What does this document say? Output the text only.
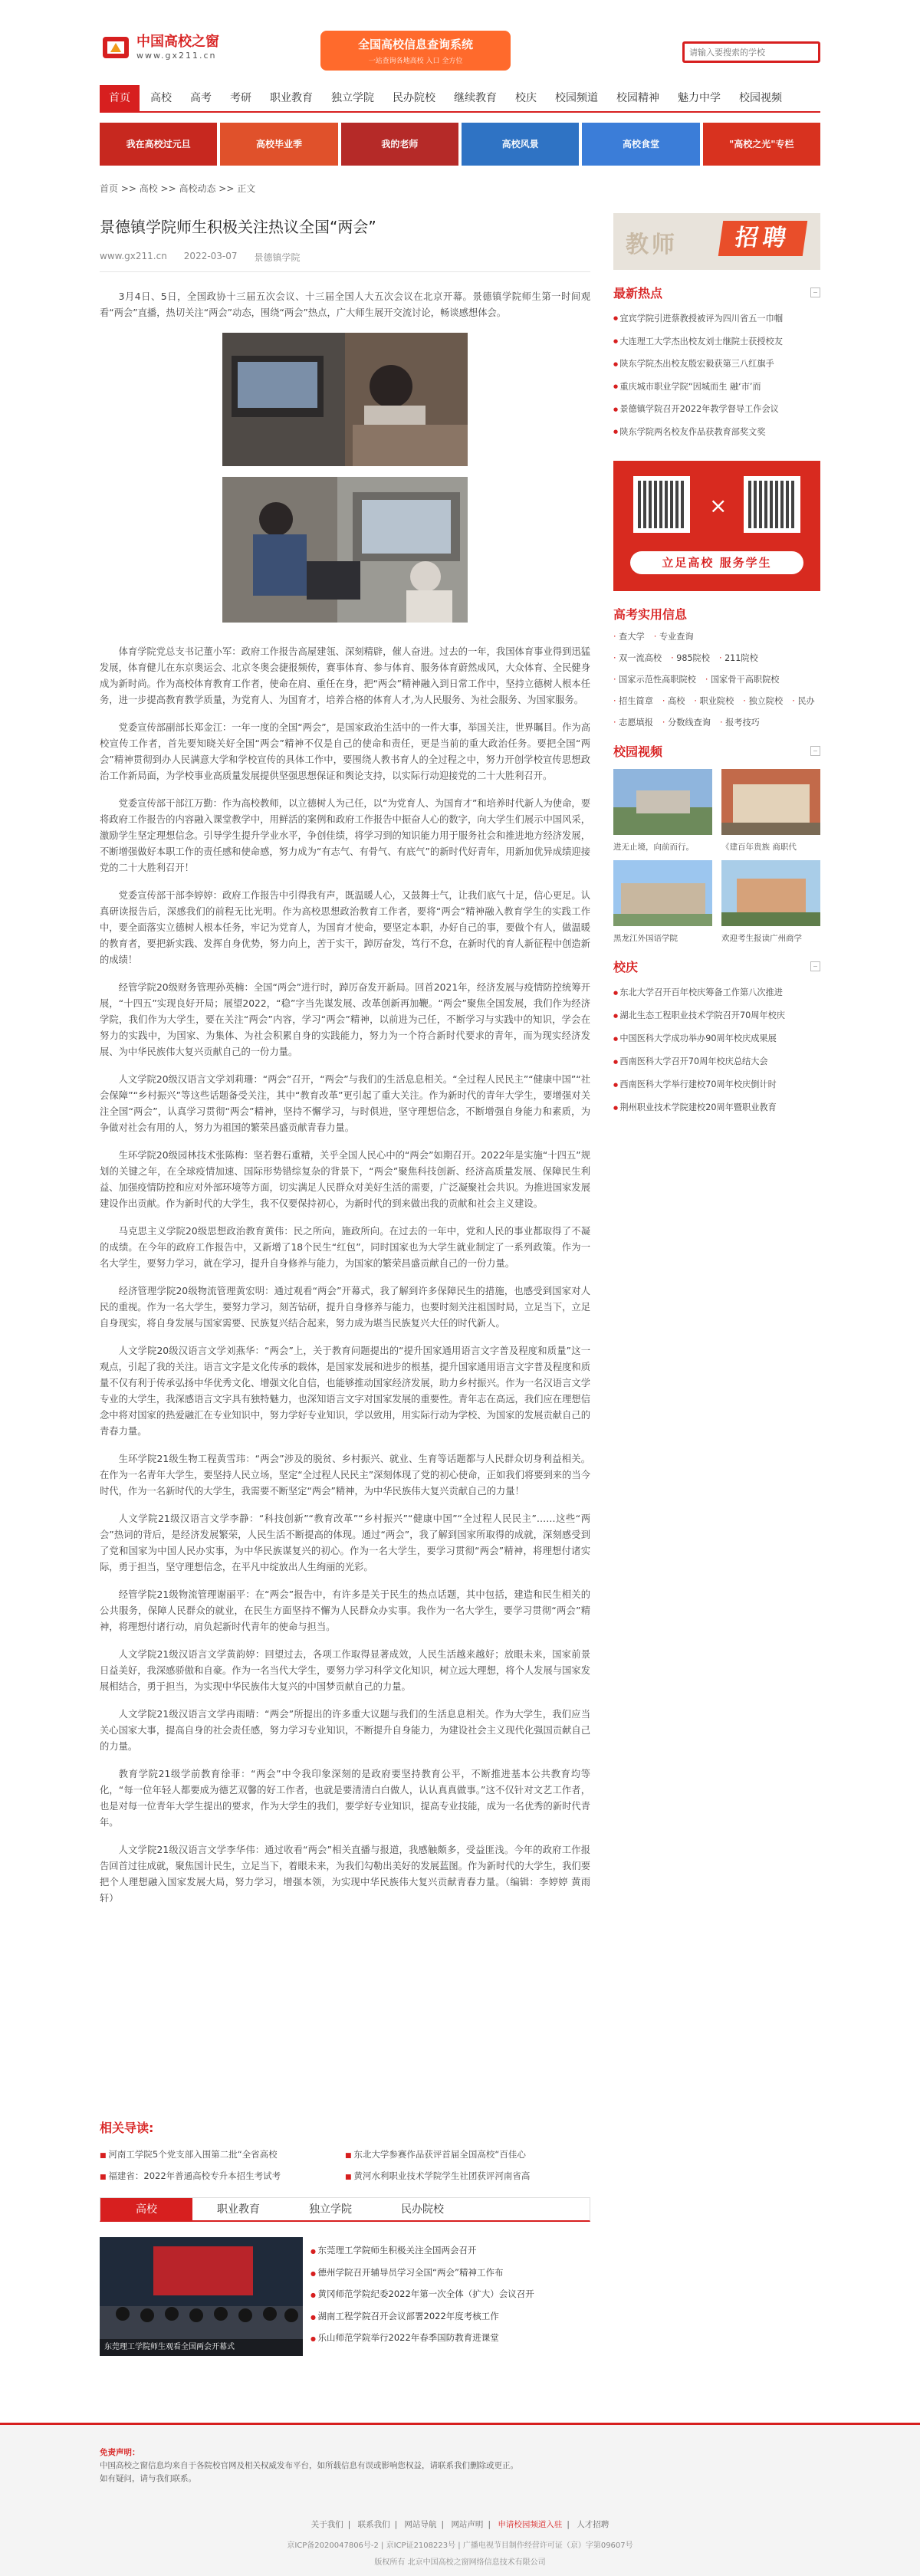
中国高校之窗
www.gx211.cn
全国高校信息查询系统
一站查询各地高校 入口 全方位
请输入要搜索的学校
首页	高校	高考	考研	职业教育	独立学院	民办院校	继续教育	校庆	校园频道	校园精神	魅力中学	校园视频
我在高校过元旦	高校毕业季	我的老师	高校风景	高校食堂	"高校之光"专栏
首页 >> 高校 >> 高校动态 >> 正文
景德镇学院师生积极关注热议全国“两会”
www.gx211.cn 2022-03-07 景德镇学院

3月4日、5日，全国政协十三届五次会议、十三届全国人大五次会议在北京开幕。景德镇学院师生第一时间观看“两会”直播，热切关注“两会”动态，围绕“两会”热点，广大师生展开交流讨论，畅谈感想体会。

体育学院党总支书记董小军：政府工作报告高屋建瓴、深刻精辟，催人奋进。过去的一年，我国体育事业得到迅猛发展，体育健儿在东京奥运会、北京冬奥会捷报频传，赛事体育、参与体育、服务体育蔚然成风，大众体育、全民健身成为新时尚。作为高校体育教育工作者，使命在肩、重任在身，把“两会”精神融入到日常工作中，坚持立德树人根本任务，进一步提高教育教学质量，为党育人、为国育才，培养合格的体育人才,为人民服务、为社会服务、为国家服务。

党委宣传部副部长郑金江：一年一度的全国“两会”，是国家政治生活中的一件大事，举国关注，世界瞩目。作为高校宣传工作者，首先要知晓关好全国“两会”精神不仅是自己的使命和责任，更是当前的重大政治任务。要把全国“两会”精神贯彻到办人民满意大学和学校宣传的具体工作中，要围绕人教书育人的全过程之中，努力开创学校宣传思想政治工作新局面，为学校事业高质量发展提供坚强思想保证和舆论支持，以实际行动迎接党的二十大胜利召开。

党委宣传部干部江万勤：作为高校教师，以立德树人为己任，以“为党育人、为国育才”和培养时代新人为使命，要将政府工作报告的内容融入课堂教学中，用鲜活的案例和政府工作报告中振奋人心的数字，向大学生们展示中国风采，激励学生坚定理想信念。引导学生提升学业水平，争创佳绩，将学习到的知识能力用于服务社会和推进地方经济发展，不断增强做好本职工作的责任感和使命感，努力成为“有志气、有骨气、有底气”的新时代好青年，用新加优异成绩迎接党的二十大胜利召开！

党委宣传部干部李婷婷：政府工作报告中引得我有声，既温暖人心，又鼓舞士气，让我们底气十足，信心更足。认真研读报告后，深感我们的前程无比光明。作为高校思想政治教育工作者，要将“两会”精神融入教育学生的实践工作中，要全面落实立德树人根本任务，牢记为党育人，为国育才使命，要坚定本职，办好自己的事，要做个有人，做温暖的教育者，要把新实践、发挥自身优势，努力向上，苦于实干，踔厉奋发，笃行不怠，在新时代的育人新征程中创造新的成绩！

经管学院20级财务管理孙英楠：全国“两会”进行时，踔厉奋发开新局。回首2021年，经济发展与疫情防控统筹开展，“十四五”实现良好开局；展望2022，“稳”字当先谋发展、改革创新再加鞭。“两会”聚焦全国发展，我们作为经济学院，我们作为大学生，要在关注“两会”内容，学习“两会”精神，以前进为己任，不断学习与实践中的知识，学会在努力的实践中，为国家、为集体、为社会积累自身的实践能力，努力为一个符合新时代要求的青年，而为现实经济发展、为中华民族伟大复兴贡献自己的一份力量。

人文学院20级汉语言文学刘莉珊：“两会”召开，“两会”与我们的生活息息相关。“全过程人民民主”“健康中国”“社会保障”“乡村振兴”等这些话题备受关注，其中“教育改革”更引起了重大关注。作为新时代的青年大学生，要增强对关注全国“两会”，认真学习贯彻“两会”精神，坚持不懈学习，与时俱进，坚守理想信念，不断增强自身能力和素质，为争做对社会有用的人，努力为祖国的繁荣昌盛贡献青春力量。

生环学院20级园林技术张陈梅：坚若磐石重精，关乎全国人民心中的“两会”如期召开。2022年是实施“十四五”规划的关键之年，在全球疫情加速、国际形势错综复杂的背景下，“两会”聚焦科技创新、经济高质量发展、保障民生利益、加强疫情防控和应对外部环境等方面，切实满足人民群众对美好生活的需要，广泛凝聚社会共识。为推进国家发展建设作出贡献。作为新时代的大学生，我不仅要保持初心，为新时代的到来做出我的贡献和社会主义建设。

马克思主义学院20级思想政治教育黄伟：民之所向，施政所向。在过去的一年中，党和人民的事业都取得了不凝的成绩。在今年的政府工作报告中，又新增了18个民生“红包”，同时国家也为大学生就业制定了一系列政策。作为一名大学生，要努力学习，就在学习，提升自身修养与能力，为国家的繁荣昌盛贡献自己的一份力量。

经济管理学院20级物流管理黄宏明：通过观看“两会”开幕式，我了解到许多保障民生的措施，也感受到国家对人民的重视。作为一名大学生，要努力学习，刻苦钻研，提升自身修养与能力，也要时刻关注祖国时局，立足当下，立足自身现实，将自身发展与国家需要、民族复兴结合起来，努力成为堪当民族复兴大任的时代新人。

人文学院20级汉语言文学刘燕华：“两会”上，关于教育问题提出的“提升国家通用语言文字普及程度和质量”这一观点，引起了我的关注。语言文字是文化传承的载体，是国家发展和进步的根基，提升国家通用语言文字普及程度和质量不仅有利于传承弘扬中华优秀文化、增强文化自信，也能够推动国家经济发展，助力乡村振兴。作为一名汉语言文学专业的大学生，我深感语言文字具有独特魅力，也深知语言文字对国家发展的重要性。青年志在高远，我们应在理想信念中将对国家的热爱融汇在专业知识中，努力学好专业知识，学以致用，用实际行动为学校、为国家的发展贡献自己的青春力量。

生环学院21级生物工程黄雪玮：“两会”涉及的脱贫、乡村振兴、就业、生育等话题都与人民群众切身利益相关。在作为一名青年大学生，要坚持人民立场，坚定“全过程人民民主”深刻体现了党的初心使命，正如我们将要到来的当今时代，作为一名新时代的大学生，我需要不断坚定“两会”精神，为中华民族伟大复兴贡献自己的力量！

人文学院21级汉语言文学李静：“科技创新”“教育改革”“乡村振兴”“健康中国”“全过程人民民主”……这些“两会”热词的背后，是经济发展繁荣，人民生活不断提高的体现。通过“两会”，我了解到国家所取得的成就，深刻感受到了党和国家为中国人民办实事，为中华民族谋复兴的初心。作为一名大学生，要学习贯彻“两会”精神，将理想付诸实际，勇于担当，坚守理想信念，在平凡中绽放出人生绚丽的光彩。

经管学院21级物流管理谢丽平：在“两会”报告中，有许多是关于民生的热点话题，其中包括，建造和民生相关的公共服务，保障人民群众的就业，在民生方面坚持不懈为人民群众办实事。我作为一名大学生，要学习贯彻“两会”精神，将理想付诸行动，肩负起新时代青年的使命与担当。

人文学院21级汉语言文学黄韵婷：回望过去，各项工作取得显著成效，人民生活越来越好；放眼未来，国家前景日益美好，我深感骄傲和自豪。作为一名当代大学生，要努力学习科学文化知识，树立远大理想，将个人发展与国家发展相结合，勇于担当，为实现中华民族伟大复兴的中国梦贡献自己的力量。

人文学院21级汉语言文学冉雨晴：“两会”所提出的许多重大议题与我们的生活息息相关。作为大学生，我们应当关心国家大事，提高自身的社会责任感，努力学习专业知识，不断提升自身能力，为建设社会主义现代化强国贡献自己的力量。

教育学院21级学前教育徐菲：“两会”中令我印象深刻的是政府要坚持教育公平，不断推进基本公共教育均等化，“每一位年轻人都要成为德艺双馨的好工作者，也就是要清清白白做人，认认真真做事。”这不仅针对文艺工作者，也是对每一位青年大学生提出的要求，作为大学生的我们，要学好专业知识，提高专业技能，成为一名优秀的新时代青年。

人文学院21级汉语言文学李华伟：通过收看“两会”相关直播与报道，我感触颇多，受益匪浅。今年的政府工作报告回首过往成就，聚焦国计民生，立足当下，着眼未来，为我们勾勒出美好的发展蓝图。作为新时代的大学生，我们要把个人理想融入国家发展大局，努力学习，增强本领，为实现中华民族伟大复兴贡献青春力量。（编辑：李婷婷 黄雨轩）

相关导读:
■ 河南工学院5个党支部入围第二批“全省高校	■ 东北大学参赛作品获评首届全国高校“百佳心
■ 福建省：2022年普通高校专升本招生考试考	■ 黄河水利职业技术学院学生社团获评河南省高
高校	职业教育	独立学院	民办院校
东莞理工学院师生观看全国两会开幕式
● 东莞理工学院师生积极关注全国两会召开
● 德州学院召开辅导员学习全国“两会”精神工作布
● 黄冈师范学院纪委2022年第一次全体（扩大）会议召开
● 湖南工程学院召开会议部署2022年度考核工作
● 乐山师范学院举行2022年春季国防教育进课堂
教师	招聘
最新热点
● 宜宾学院引进蔡教授被评为四川省五一巾帼
● 大连理工大学杰出校友刘士继院士获授校友
● 陕东学院杰出校友殷宏毅获第三八红旗手
● 重庆城市职业学院“因城而生 融‘市’而
● 景德镇学院召开2022年教学督导工作会议
● 陕东学院两名校友作品获教育部奖文奖
×
立足高校 服务学生
高考实用信息
· 查大学	· 专业查询
· 双一流高校	· 985院校	· 211院校
· 国家示范性高职院校	· 国家骨干高职院校
· 招生简章	· 高校	· 职业院校	· 独立院校	· 民办
· 志愿填报	· 分数线查询	· 报考技巧
校园视频
进无止境，向前而行。	《建百年贵族 商职代
黑龙江外国语学院	欢迎考生报读广州商学
校庆
● 东北大学召开百年校庆筹备工作第八次推进
● 湖北生态工程职业技术学院召开70周年校庆
● 中国医科大学成功举办90周年校庆成果展
● 西南医科大学召开70周年校庆总结大会
● 西南医科大学举行建校70周年校庆倒计时
● 荆州职业技术学院建校20周年暨职业教育
免责声明：
中国高校之窗信息均来自于各院校官网及相关权威发布平台，如所载信息有误或影响您权益，请联系我们删除或更正。
如有疑问，请与我们联系。
关于我们 | 联系我们 | 网站导航 | 网站声明 | 申请校园频道入驻 | 人才招聘
京ICP备2020047806号-2 | 京ICP证2108223号 | 广播电视节目制作经营许可证（京）字第09607号
版权所有 北京中国高校之窗网络信息技术有限公司
